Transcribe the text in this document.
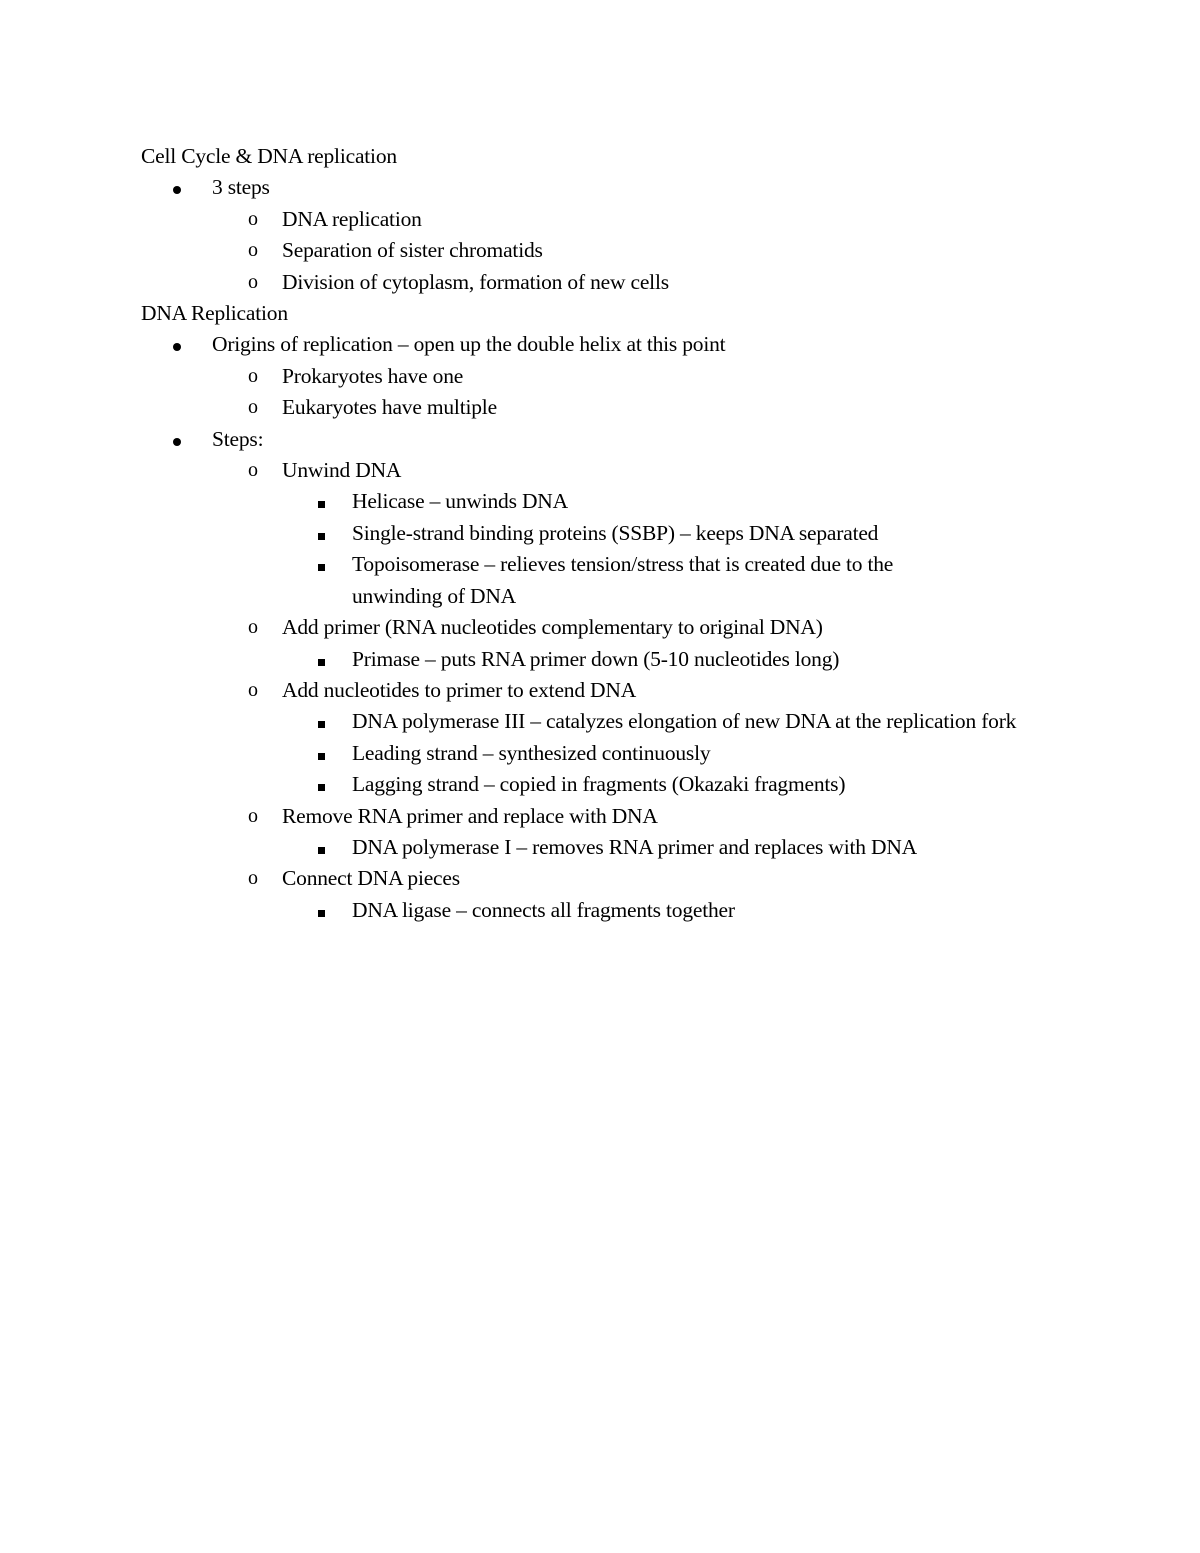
Cell Cycle & DNA replication
3 steps
o DNA replication
o Separation of sister chromatids
o Division of cytoplasm, formation of new cells
DNA Replication
Origins of replication – open up the double helix at this point
o Prokaryotes have one
o Eukaryotes have multiple
Steps:
o Unwind DNA
Helicase – unwinds DNA
Single-strand binding proteins (SSBP) – keeps DNA separated
Topoisomerase – relieves tension/stress that is created due to the unwinding of DNA
o Add primer (RNA nucleotides complementary to original DNA)
Primase – puts RNA primer down (5-10 nucleotides long)
o Add nucleotides to primer to extend DNA
DNA polymerase III – catalyzes elongation of new DNA at the replication fork
Leading strand – synthesized continuously
Lagging strand – copied in fragments (Okazaki fragments)
o Remove RNA primer and replace with DNA
DNA polymerase I – removes RNA primer and replaces with DNA
o Connect DNA pieces
DNA ligase – connects all fragments together
